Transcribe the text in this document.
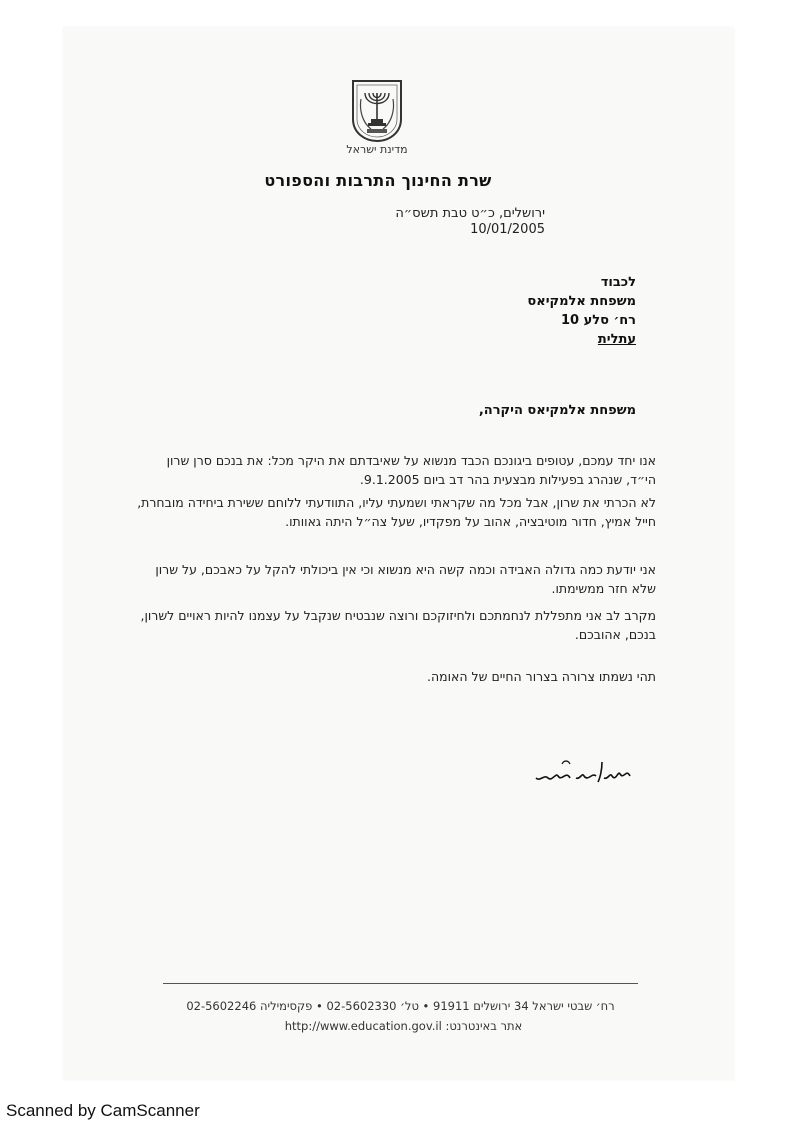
מדינת ישראל
שרת החינוך התרבות והספורט
ירושלים, כ״ט טבת תשס״ה
10/01/2005
לכבוד
משפחת אלמקיאס
רח׳ סלע 10
עתלית
משפחת אלמקיאס היקרה,
אנו יחד עמכם, עטופים ביגונכם הכבד מנשוא על שאיבדתם את היקר מכל: את בנכם סרן שרון הי״ד, שנהרג בפעילות מבצעית בהר דב ביום 9.1.2005.
לא הכרתי את שרון, אבל מכל מה שקראתי ושמעתי עליו, התוודעתי ללוחם ששירת ביחידה מובחרת, חייל אמיץ, חדור מוטיבציה, אהוב על מפקדיו, שעל צה״ל היתה גאוותו.
אני יודעת כמה גדולה האבידה וכמה קשה היא מנשוא וכי אין ביכולתי להקל על כאבכם, על שרון שלא חזר ממשימתו.
מקרב לב אני מתפללת לנחמתכם ולחיזוקכם ורוצה שנבטיח שנקבל על עצמנו להיות ראויים לשרון, בנכם, אהובכם.
תהי נשמתו צרורה בצרור החיים של האומה.
רח׳ שבטי ישראל 34 ירושלים 91911 • טל׳ 02-5602330 • פקסימיליה 02-5602246
אתר באינטרנט: http://www.education.gov.il
Scanned by CamScanner
